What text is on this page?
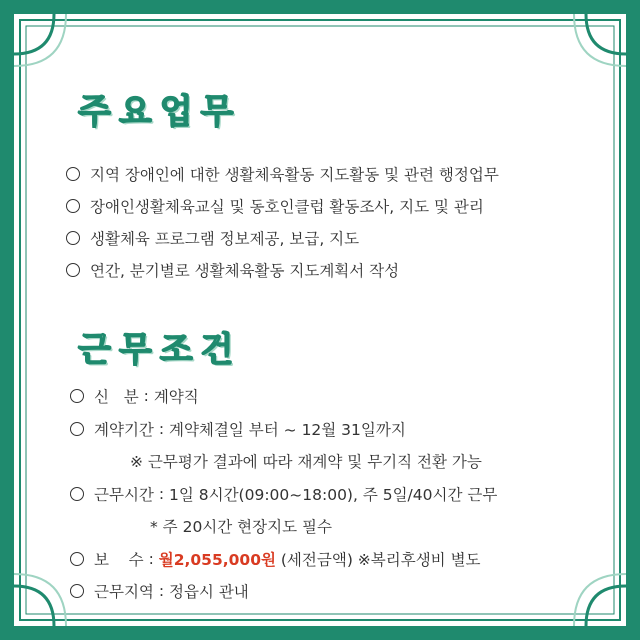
주요업무
지역 장애인에 대한 생활체육활동 지도활동 및 관련 행정업무
장애인생활체육교실 및 동호인클럽 활동조사, 지도 및 관리
생활체육 프로그램 정보제공, 보급, 지도
연간, 분기별로 생활체육활동 지도계획서 작성
근무조건
신   분 : 계약직
계약기간 : 계약체결일 부터 ~ 12월 31일까지
※ 근무평가 결과에 따라 재계약 및 무기직 전환 가능
근무시간 : 1일 8시간(09:00~18:00), 주 5일/40시간 근무
* 주 20시간 현장지도 필수
보    수 : 월2,055,000원 (세전금액) ※복리후생비 별도
근무지역 : 정읍시 관내
